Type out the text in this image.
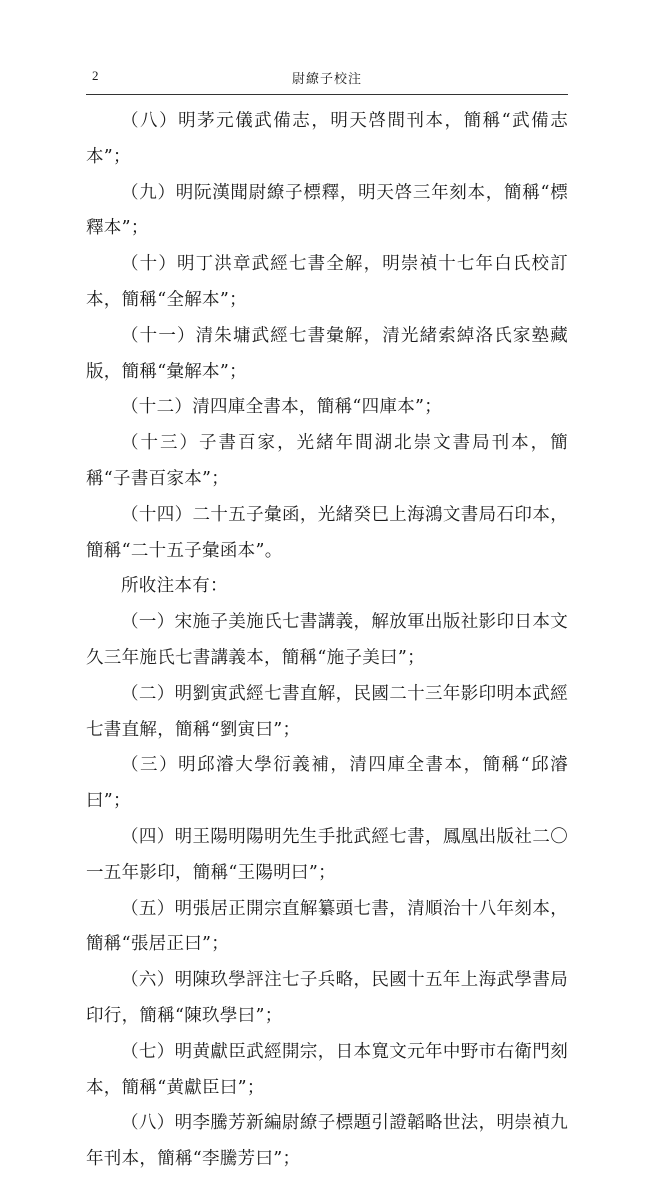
2	尉繚子校注

（八）明茅元儀武備志，明天啓間刊本，簡稱“武備志本”；

（九）明阮漢聞尉繚子標釋，明天啓三年刻本，簡稱“標釋本”；

（十）明丁洪章武經七書全解，明崇禎十七年白氏校訂本，簡稱“全解本”；

（十一）清朱墉武經七書彙解，清光緒索綽洛氏家塾藏版，簡稱“彙解本”；

（十二）清四庫全書本，簡稱“四庫本”；

（十三）子書百家，光緒年間湖北崇文書局刊本，簡稱“子書百家本”；

（十四）二十五子彙函，光緒癸巳上海鴻文書局石印本，簡稱“二十五子彙函本”。

所收注本有：

（一）宋施子美施氏七書講義，解放軍出版社影印日本文久三年施氏七書講義本，簡稱“施子美曰”；

（二）明劉寅武經七書直解，民國二十三年影印明本武經七書直解，簡稱“劉寅曰”；

（三）明邱濬大學衍義補，清四庫全書本，簡稱“邱濬曰”；

（四）明王陽明陽明先生手批武經七書，鳳凰出版社二〇一五年影印，簡稱“王陽明曰”；

（五）明張居正開宗直解纂頭七書，清順治十八年刻本，簡稱“張居正曰”；

（六）明陳玖學評注七子兵略，民國十五年上海武學書局印行，簡稱“陳玖學曰”；

（七）明黄獻臣武經開宗，日本寬文元年中野市右衛門刻本，簡稱“黄獻臣曰”；

（八）明李騰芳新編尉繚子標題引證韜略世法，明崇禎九年刊本，簡稱“李騰芳曰”；
